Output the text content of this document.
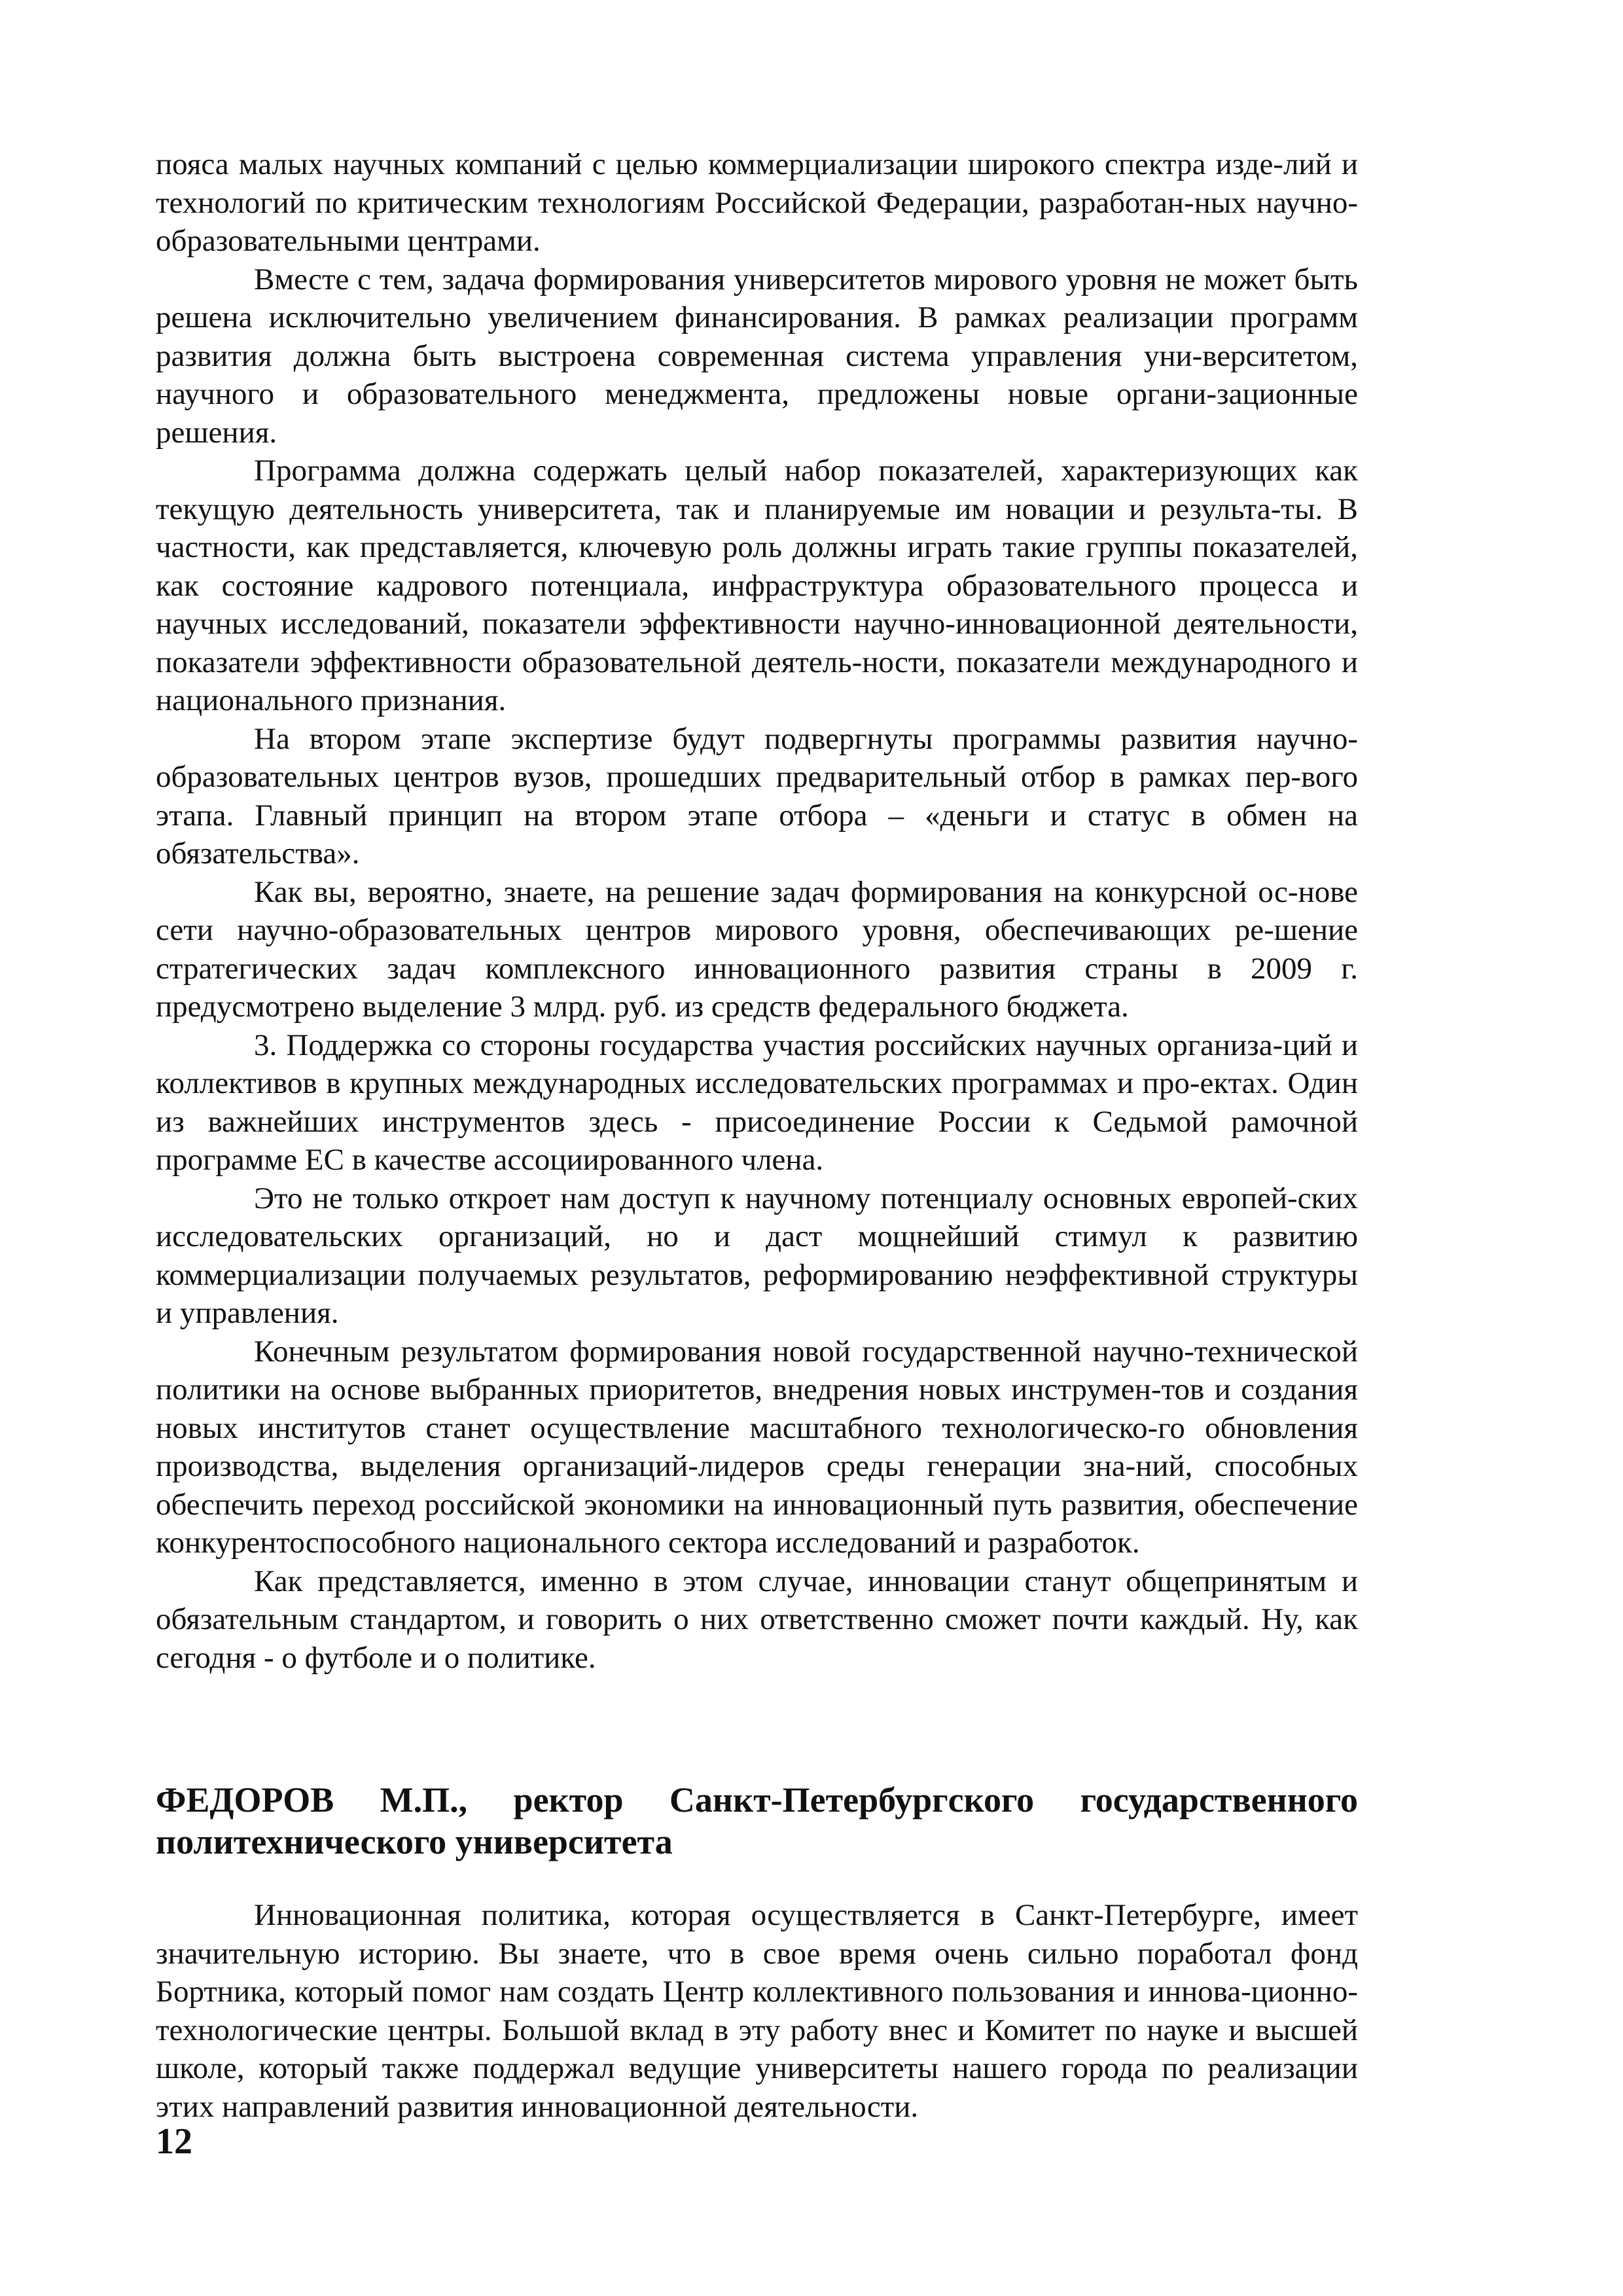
пояса малых научных компаний с целью коммерциализации широкого спектра изде-лий и технологий по критическим технологиям Российской Федерации, разработан-ных научно-образовательными центрами.

Вместе с тем, задача формирования университетов мирового уровня не может быть решена исключительно увеличением финансирования. В рамках реализации программ развития должна быть выстроена современная система управления уни-верситетом, научного и образовательного менеджмента, предложены новые органи-зационные решения.

Программа должна содержать целый набор показателей, характеризующих как текущую деятельность университета, так и планируемые им новации и результа-ты. В частности, как представляется, ключевую роль должны играть такие группы показателей, как состояние кадрового потенциала, инфраструктура образовательного процесса и научных исследований, показатели эффективности научно-инновационной деятельности, показатели эффективности образовательной деятель-ности, показатели международного и национального признания.

На втором этапе экспертизе будут подвергнуты программы развития научно-образовательных центров вузов, прошедших предварительный отбор в рамках пер-вого этапа. Главный принцип на втором этапе отбора – «деньги и статус в обмен на обязательства».

Как вы, вероятно, знаете, на решение задач формирования на конкурсной ос-нове сети научно-образовательных центров мирового уровня, обеспечивающих ре-шение стратегических задач комплексного инновационного развития страны в 2009 г. предусмотрено выделение 3 млрд. руб. из средств федерального бюджета.

3. Поддержка со стороны государства участия российских научных организа-ций и коллективов в крупных международных исследовательских программах и про-ектах. Один из важнейших инструментов здесь - присоединение России к Седьмой рамочной программе ЕС в качестве ассоциированного члена.

Это не только откроет нам доступ к научному потенциалу основных европей-ских исследовательских организаций, но и даст мощнейший стимул к развитию коммерциализации получаемых результатов, реформированию неэффективной структуры и управления.

Конечным результатом формирования новой государственной научно-технической политики на основе выбранных приоритетов, внедрения новых инструмен-тов и создания новых институтов станет осуществление масштабного технологическо-го обновления производства, выделения организаций-лидеров среды генерации зна-ний, способных обеспечить переход российской экономики на инновационный путь развития, обеспечение конкурентоспособного национального сектора исследований и разработок.

Как представляется, именно в этом случае, инновации станут общепринятым и обязательным стандартом, и говорить о них ответственно сможет почти каждый. Ну, как сегодня - о футболе и о политике.

ФЕДОРОВ М.П., ректор Санкт-Петербургского государственного политехнического университета

Инновационная политика, которая осуществляется в Санкт-Петербурге, имеет значительную историю. Вы знаете, что в свое время очень сильно поработал фонд Бортника, который помог нам создать Центр коллективного пользования и иннова-ционно-технологические центры. Большой вклад в эту работу внес и Комитет по науке и высшей школе, который также поддержал ведущие университеты нашего города по реализации этих направлений развития инновационной деятельности.

12
